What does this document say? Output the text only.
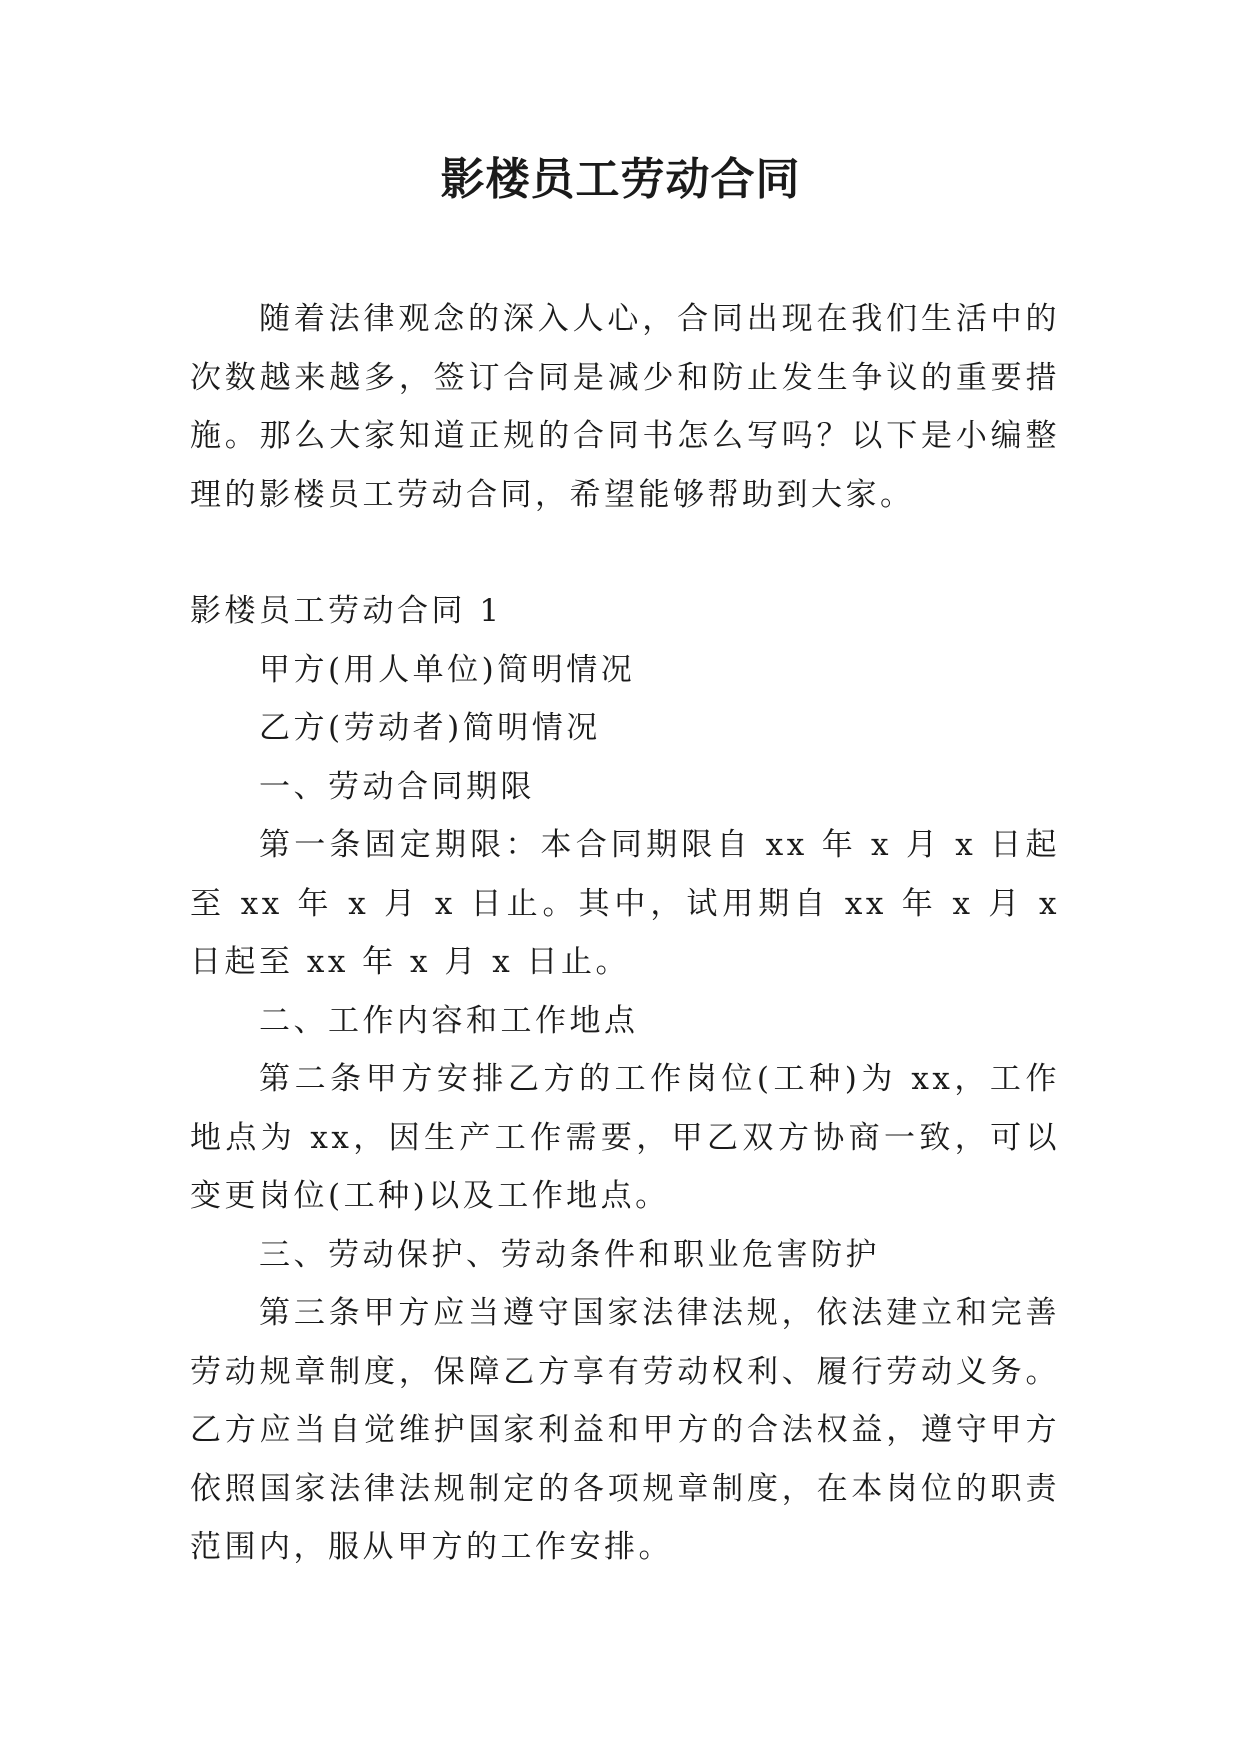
影楼员工劳动合同

随着法律观念的深入人心，合同出现在我们生活中的次数越来越多，签订合同是减少和防止发生争议的重要措施。那么大家知道正规的合同书怎么写吗？以下是小编整理的影楼员工劳动合同，希望能够帮助到大家。

影楼员工劳动合同 1

甲方(用人单位)简明情况

乙方(劳动者)简明情况

一、劳动合同期限

第一条固定期限：本合同期限自 xx 年 x 月 x 日起至 xx 年 x 月 x 日止。其中，试用期自 xx 年 x 月 x 日起至 xx 年 x 月 x 日止。

二、工作内容和工作地点

第二条甲方安排乙方的工作岗位(工种)为 xx，工作地点为 xx，因生产工作需要，甲乙双方协商一致，可以变更岗位(工种)以及工作地点。

三、劳动保护、劳动条件和职业危害防护

第三条甲方应当遵守国家法律法规，依法建立和完善劳动规章制度，保障乙方享有劳动权利、履行劳动义务。乙方应当自觉维护国家利益和甲方的合法权益，遵守甲方依照国家法律法规制定的各项规章制度，在本岗位的职责范围内，服从甲方的工作安排。
